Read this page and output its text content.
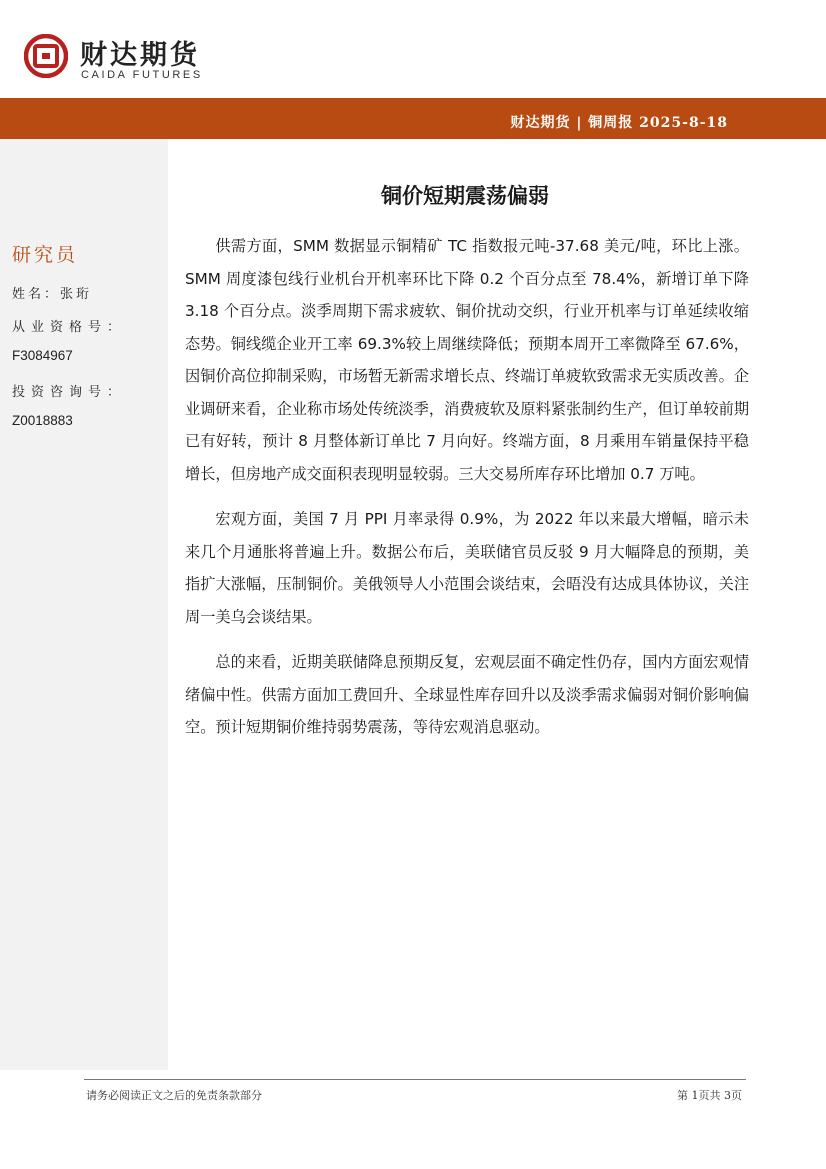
财达期货
CAIDA FUTURES
财达期货 | 铜周报 2025-8-18
研究员
姓名：张珩
从业资格号：
F3084967
投资咨询号：
Z0018883
铜价短期震荡偏弱

供需方面，SMM 数据显示铜精矿 TC 指数报元吨-37.68 美元/吨，环比上涨。SMM 周度漆包线行业机台开机率环比下降 0.2 个百分点至 78.4%，新增订单下降 3.18 个百分点。淡季周期下需求疲软、铜价扰动交织，行业开机率与订单延续收缩态势。铜线缆企业开工率 69.3%较上周继续降低；预期本周开工率微降至 67.6%，因铜价高位抑制采购，市场暂无新需求增长点、终端订单疲软致需求无实质改善。企业调研来看，企业称市场处传统淡季，消费疲软及原料紧张制约生产，但订单较前期已有好转，预计 8 月整体新订单比 7 月向好。终端方面，8 月乘用车销量保持平稳增长，但房地产成交面积表现明显较弱。三大交易所库存环比增加 0.7 万吨。

宏观方面，美国 7 月 PPI 月率录得 0.9%，为 2022 年以来最大增幅，暗示未来几个月通胀将普遍上升。数据公布后，美联储官员反驳 9 月大幅降息的预期，美指扩大涨幅，压制铜价。美俄领导人小范围会谈结束，会晤没有达成具体协议，关注周一美乌会谈结果。

总的来看，近期美联储降息预期反复，宏观层面不确定性仍存，国内方面宏观情绪偏中性。供需方面加工费回升、全球显性库存回升以及淡季需求偏弱对铜价影响偏空。预计短期铜价维持弱势震荡，等待宏观消息驱动。

请务必阅读正文之后的免责条款部分	第 1页共 3页
